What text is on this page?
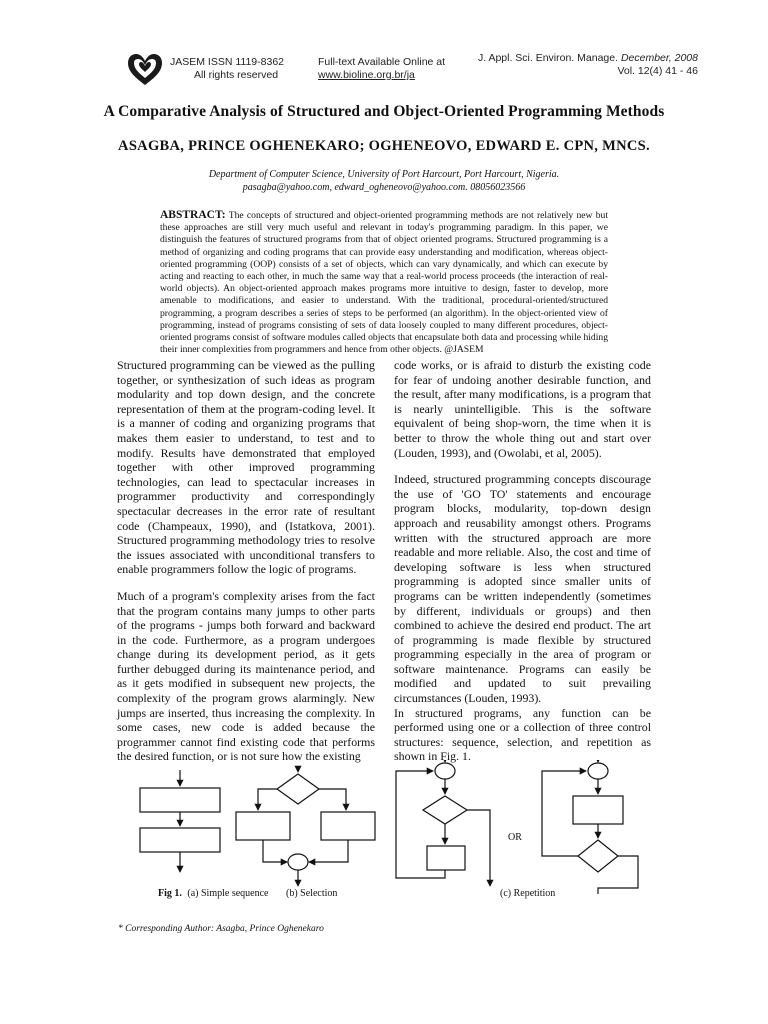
JASEM ISSN 1119-8362
All rights reserved
Full-text Available Online at
www.bioline.org.br/ja
J. Appl. Sci. Environ. Manage. December, 2008
Vol. 12(4) 41 - 46
A Comparative Analysis of Structured and Object-Oriented Programming Methods
ASAGBA, PRINCE OGHENEKARO; OGHENEOVO, EDWARD E. CPN, MNCS.
Department of Computer Science, University of Port Harcourt, Port Harcourt, Nigeria.
pasagba@yahoo.com, edward_ogheneovo@yahoo.com. 08056023566
ABSTRACT: The concepts of structured and object-oriented programming methods are not relatively new but these approaches are still very much useful and relevant in today's programming paradigm. In this paper, we distinguish the features of structured programs from that of object oriented programs. Structured programming is a method of organizing and coding programs that can provide easy understanding and modification, whereas object-oriented programming (OOP) consists of a set of objects, which can vary dynamically, and which can execute by acting and reacting to each other, in much the same way that a real-world process proceeds (the interaction of real-world objects). An object-oriented approach makes programs more intuitive to design, faster to develop, more amenable to modifications, and easier to understand. With the traditional, procedural-oriented/structured programming, a program describes a series of steps to be performed (an algorithm). In the object-oriented view of programming, instead of programs consisting of sets of data loosely coupled to many different procedures, object-oriented programs consist of software modules called objects that encapsulate both data and processing while hiding their inner complexities from programmers and hence from other objects. @JASEM

Structured programming can be viewed as the pulling together, or synthesization of such ideas as program modularity and top down design, and the concrete representation of them at the program-coding level. It is a manner of coding and organizing programs that makes them easier to understand, to test and to modify. Results have demonstrated that employed together with other improved programming technologies, can lead to spectacular increases in programmer productivity and correspondingly spectacular decreases in the error rate of resultant code (Champeaux, 1990), and (Istatkova, 2001). Structured programming methodology tries to resolve the issues associated with unconditional transfers to enable programmers follow the logic of programs.

Much of a program's complexity arises from the fact that the program contains many jumps to other parts of the programs - jumps both forward and backward in the code. Furthermore, as a program undergoes change during its development period, as it gets further debugged during its maintenance period, and as it gets modified in subsequent new projects, the complexity of the program grows alarmingly. New jumps are inserted, thus increasing the complexity. In some cases, new code is added because the programmer cannot find existing code that performs the desired function, or is not sure how the existing

code works, or is afraid to disturb the existing code for fear of undoing another desirable function, and the result, after many modifications, is a program that is nearly unintelligible. This is the software equivalent of being shop-worn, the time when it is better to throw the whole thing out and start over (Louden, 1993), and (Owolabi, et al, 2005).

Indeed, structured programming concepts discourage the use of 'GO TO' statements and encourage program blocks, modularity, top-down design approach and reusability amongst others. Programs written with the structured approach are more readable and more reliable. Also, the cost and time of developing software is less when structured programming is adopted since smaller units of programs can be written independently (sometimes by different, individuals or groups) and then combined to achieve the desired end product. The art of programming is made flexible by structured programming especially in the area of program or software maintenance. Programs can easily be modified and updated to suit prevailing circumstances (Louden, 1993).

In structured programs, any function can be performed using one or a collection of three control structures: sequence, selection, and repetition as shown in Fig. 1.

OR
Fig 1. (a) Simple sequence (b) Selection	(c) Repetition
* Corresponding Author: Asagba, Prince Oghenekaro
